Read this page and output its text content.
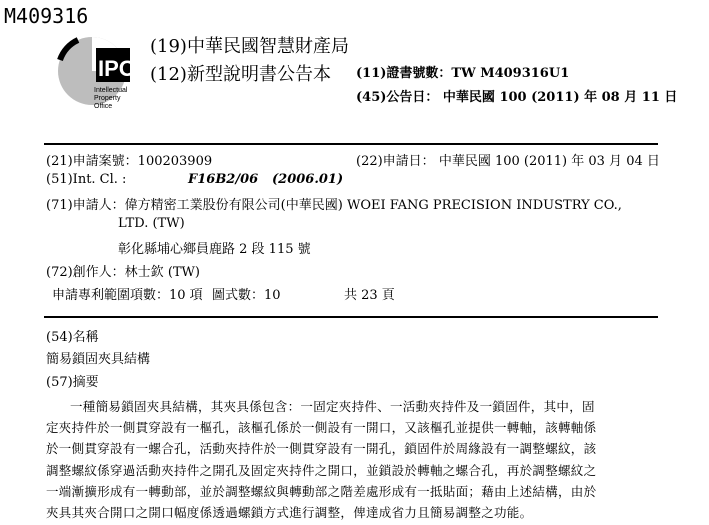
M409316
IPO
Intellectual
Property
Office
(19)中華民國智慧財產局
(12)新型說明書公告本 (11)證書號數：TW M409316U1
(45)公告日： 中華民國 100 (2011) 年 08 月 11 日
(21)申請案號：100203909	(22)申請日： 中華民國 100 (2011) 年 03 月 04 日
(51)Int. Cl. :	F16B2/06 (2006.01)
(71)申請人：偉方精密工業股份有限公司(中華民國) WOEI FANG PRECISION INDUSTRY CO.,
LTD. (TW)
彰化縣埔心鄉員鹿路 2 段 115 號
(72)創作人：林士欽 (TW)
申請專利範圍項數：10 項 圖式數：10	共 23 頁
(54)名稱
簡易鎖固夾具結構
(57)摘要
一種簡易鎖固夾具結構，其夾具係包含：一固定夾持件、一活動夾持件及一鎖固件，其中，固
定夾持件於一側貫穿設有一樞孔，該樞孔係於一側設有一開口，又該樞孔並提供一轉軸，該轉軸係
於一側貫穿設有一螺合孔，活動夾持件於一側貫穿設有一開孔，鎖固件於周緣設有一調整螺紋，該
調整螺紋係穿過活動夾持件之開孔及固定夾持件之開口，並鎖設於轉軸之螺合孔，再於調整螺紋之
一端漸擴形成有一轉動部，並於調整螺紋與轉動部之階差處形成有一抵貼面；藉由上述結構，由於
夾具其夾合開口之開口幅度係透過螺鎖方式進行調整，俾達成省力且簡易調整之功能。
